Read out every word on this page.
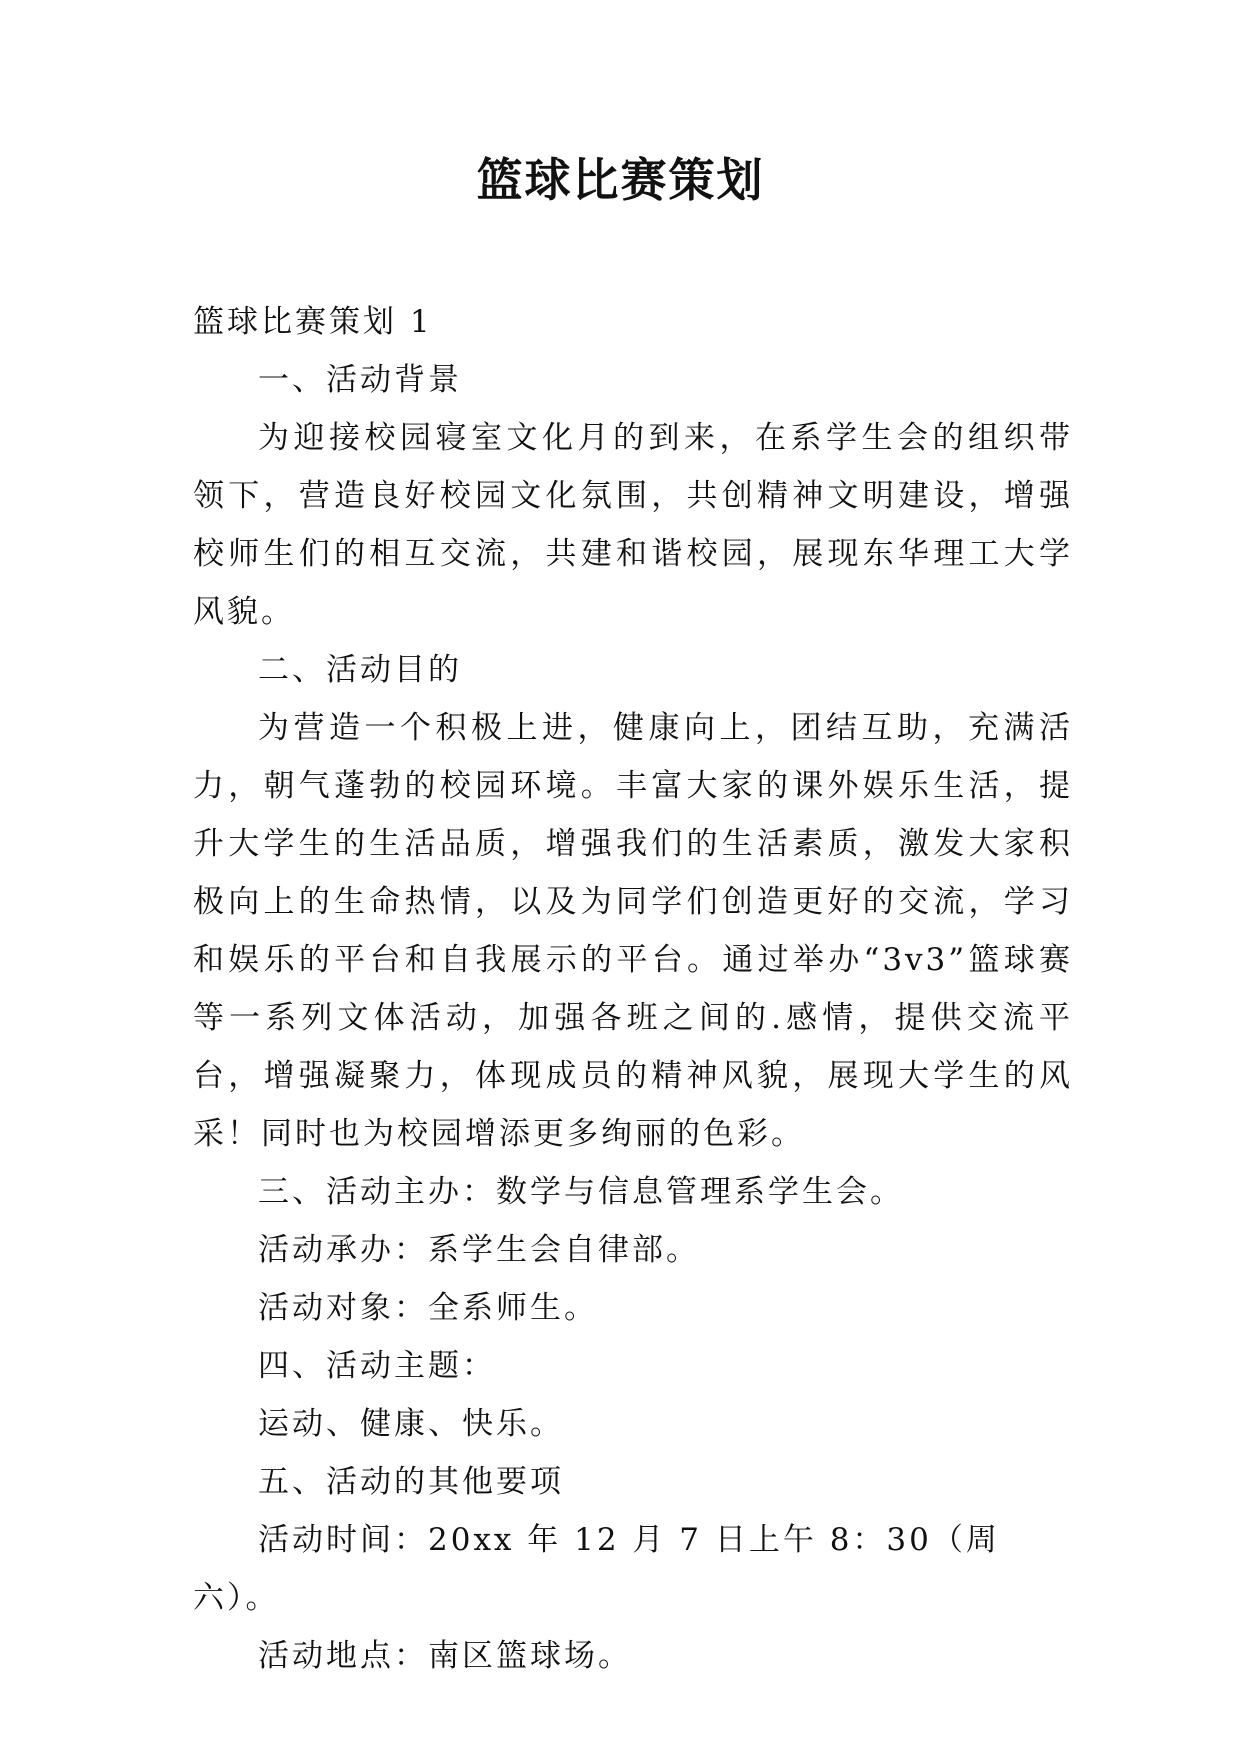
篮球比赛策划

篮球比赛策划 1

一、活动背景

为迎接校园寝室文化月的到来，在系学生会的组织带领下，营造良好校园文化氛围，共创精神文明建设，增强校师生们的相互交流，共建和谐校园，展现东华理工大学风貌。

二、活动目的

为营造一个积极上进，健康向上，团结互助，充满活力，朝气蓬勃的校园环境。丰富大家的课外娱乐生活，提升大学生的生活品质，增强我们的生活素质，激发大家积极向上的生命热情，以及为同学们创造更好的交流，学习和娱乐的平台和自我展示的平台。通过举办“3v3”篮球赛等一系列文体活动，加强各班之间的.感情，提供交流平台，增强凝聚力，体现成员的精神风貌，展现大学生的风采！同时也为校园增添更多绚丽的色彩。

三、活动主办：数学与信息管理系学生会。

活动承办：系学生会自律部。

活动对象：全系师生。

四、活动主题：

运动、健康、快乐。

五、活动的其他要项

活动时间：20xx 年 12 月 7 日上午 8：30（周六）。

活动地点：南区篮球场。
